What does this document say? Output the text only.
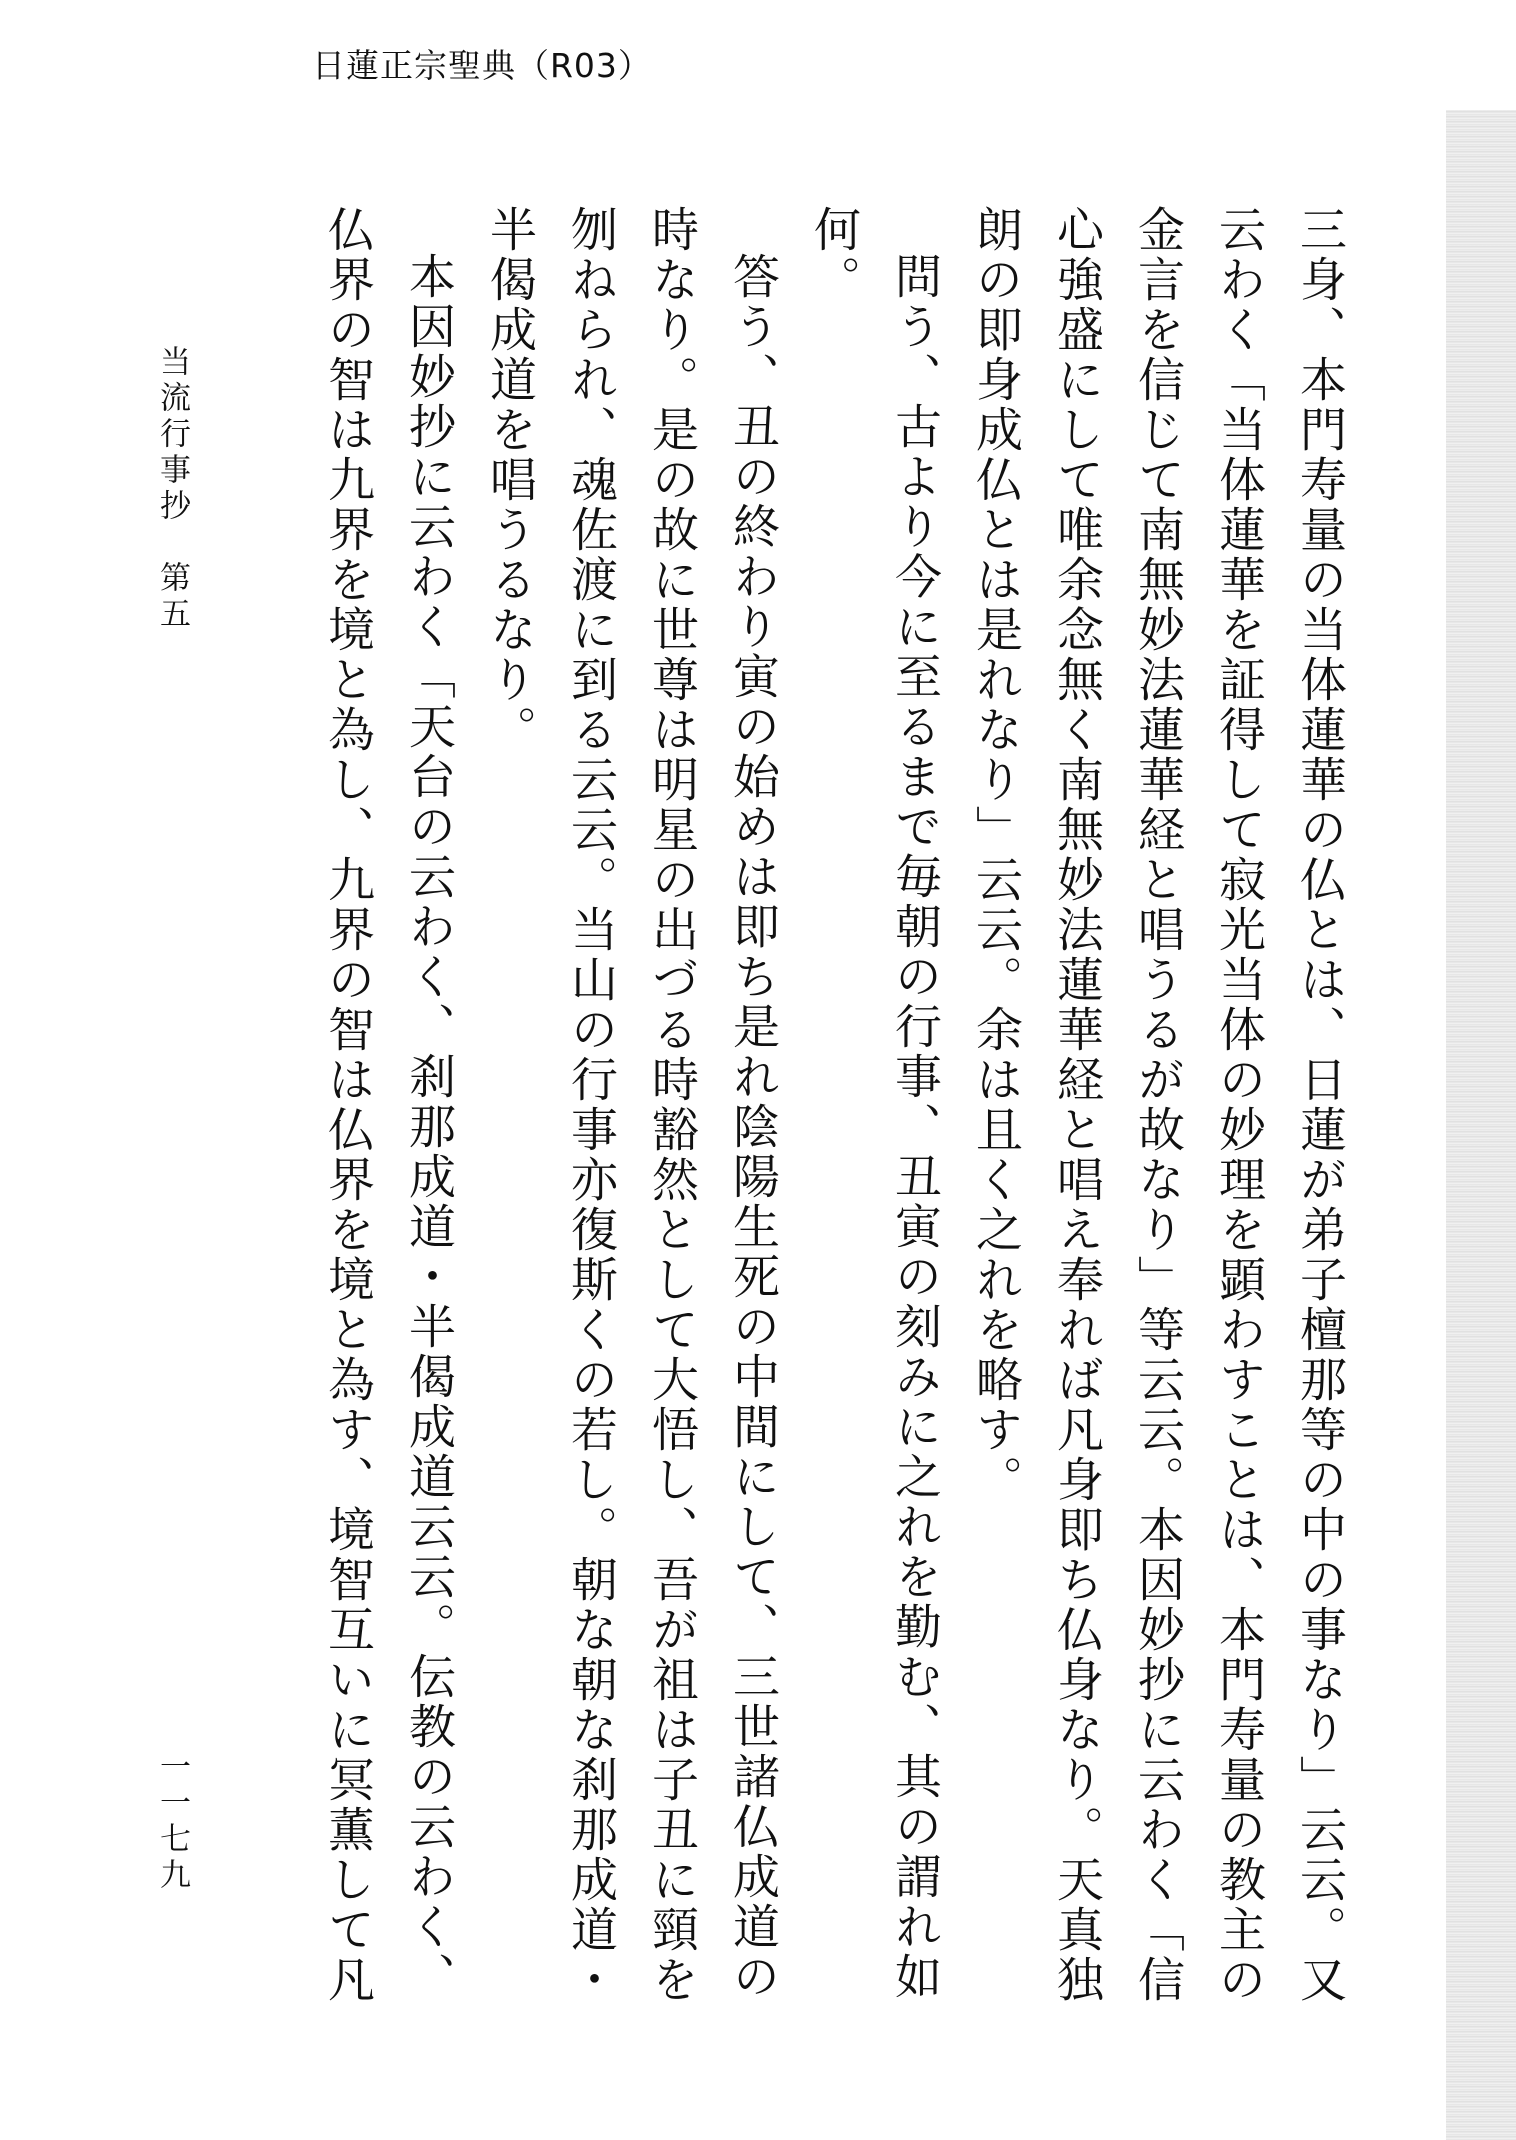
日蓮正宗聖典（R03）

三身、本門寿量の当体蓮華の仏とは、日蓮が弟子檀那等の中の事なり」云云。又云わく「当体蓮華を証得して寂光当体の妙理を顕わすことは、本門寿量の教主の金言を信じて南無妙法蓮華経と唱うるが故なり」等云云。本因妙抄に云わく「信心強盛にして唯余念無く南無妙法蓮華経と唱え奉れば凡身即ち仏身なり。天真独朗の即身成仏とは是れなり」云云。余は且く之れを略す。

問う、古より今に至るまで毎朝の行事、丑寅の刻みに之れを勤む、其の謂れ如何。

答う、丑の終わり寅の始めは即ち是れ陰陽生死の中間にして、三世諸仏成道の時なり。是の故に世尊は明星の出づる時豁然として大悟し、吾が祖は子丑に頸を刎ねられ、魂佐渡に到る云云。当山の行事亦復斯くの若し。朝な朝な刹那成道・半偈成道を唱うるなり。

本因妙抄に云わく「天台の云わく、刹那成道・半偈成道云云。伝教の云わく、仏界の智は九界を境と為し、九界の智は仏界を境と為す、境智互いに冥薫して凡

当流行事抄　第五
一一七九
